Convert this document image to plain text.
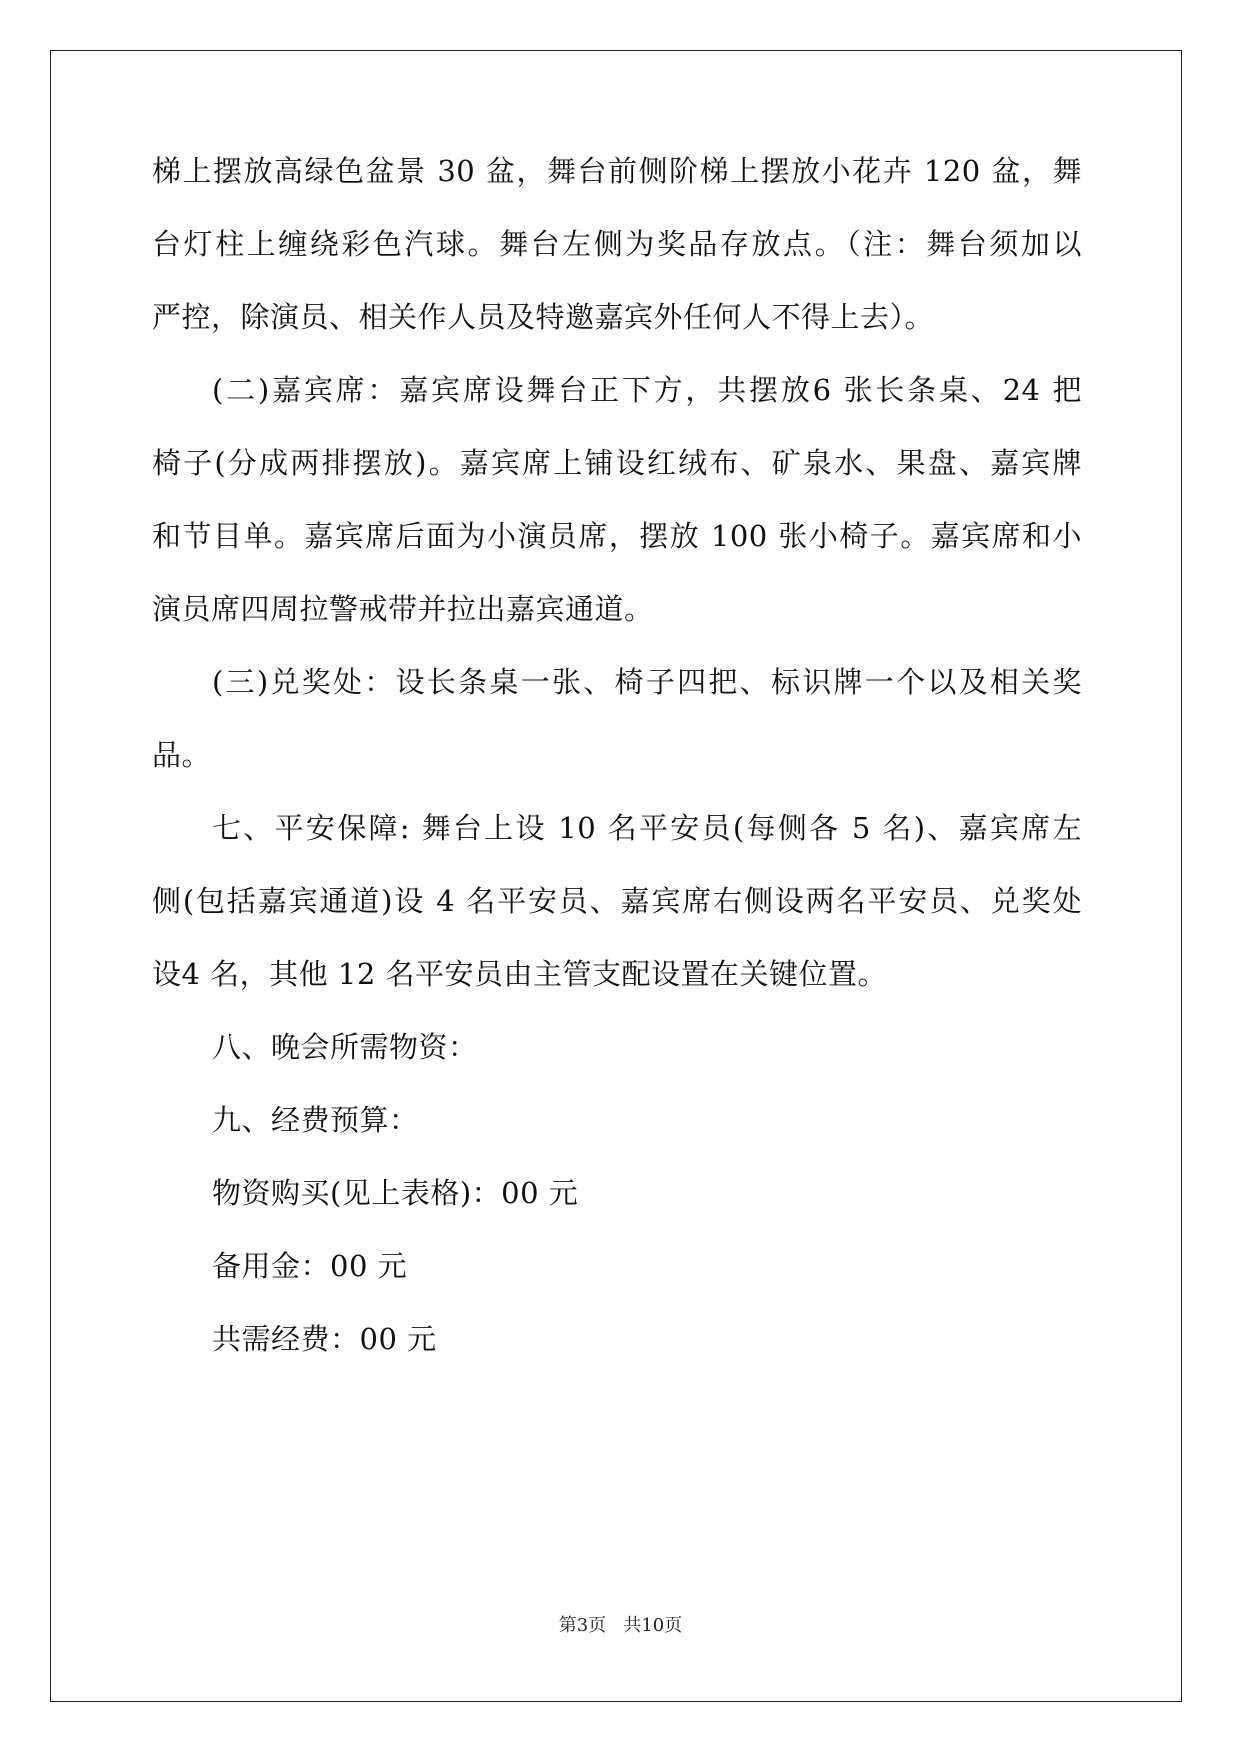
梯上摆放高绿色盆景 30 盆，舞台前侧阶梯上摆放小花卉 120 盆，舞
台灯柱上缠绕彩色汽球。舞台左侧为奖品存放点。（注：舞台须加以
严控，除演员、相关作人员及特邀嘉宾外任何人不得上去）。
(二)嘉宾席：嘉宾席设舞台正下方，共摆放6 张长条桌、24 把
椅子(分成两排摆放)。嘉宾席上铺设红绒布、矿泉水、果盘、嘉宾牌
和节目单。嘉宾席后面为小演员席，摆放 100 张小椅子。嘉宾席和小
演员席四周拉警戒带并拉出嘉宾通道。
(三)兑奖处：设长条桌一张、椅子四把、标识牌一个以及相关奖
品。
七、平安保障: 舞台上设 10 名平安员(每侧各 5 名)、嘉宾席左
侧(包括嘉宾通道)设 4 名平安员、嘉宾席右侧设两名平安员、兑奖处
设4 名，其他 12 名平安员由主管支配设置在关键位置。
八、晚会所需物资：
九、经费预算：
物资购买(见上表格)：00 元
备用金：00 元
共需经费：00 元
第3页 共10页
